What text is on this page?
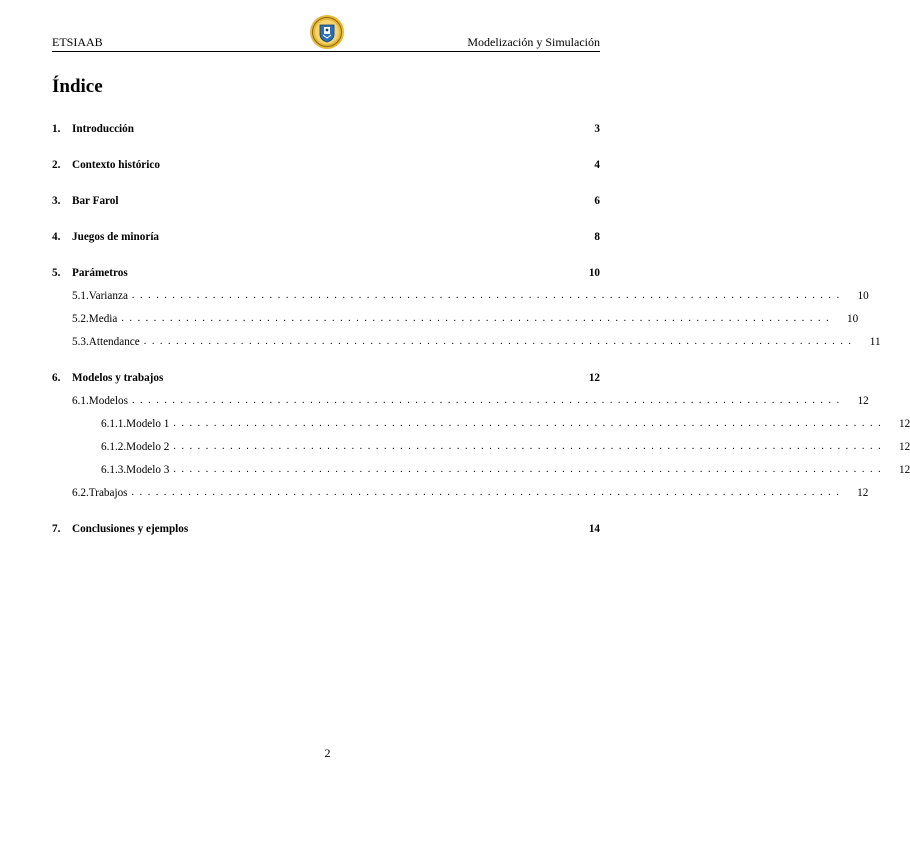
ETSIAAB	Modelización y Simulación
Índice
1.	Introducción	3
2.	Contexto histórico	4
3.	Bar Farol	6
4.	Juegos de minoría	8
5.	Parámetros	10
5.1. Varianza ........................................................................................	10
5.2. Media ........................................................................................	10
5.3. Attendance ........................................................................................	11
6.	Modelos y trabajos	12
6.1. Modelos ........................................................................................	12
6.1.1. Modelo 1 ........................................................................................	12
6.1.2. Modelo 2 ........................................................................................	12
6.1.3. Modelo 3 ........................................................................................	12
6.2. Trabajos ........................................................................................	12
7.	Conclusiones y ejemplos	14
2
